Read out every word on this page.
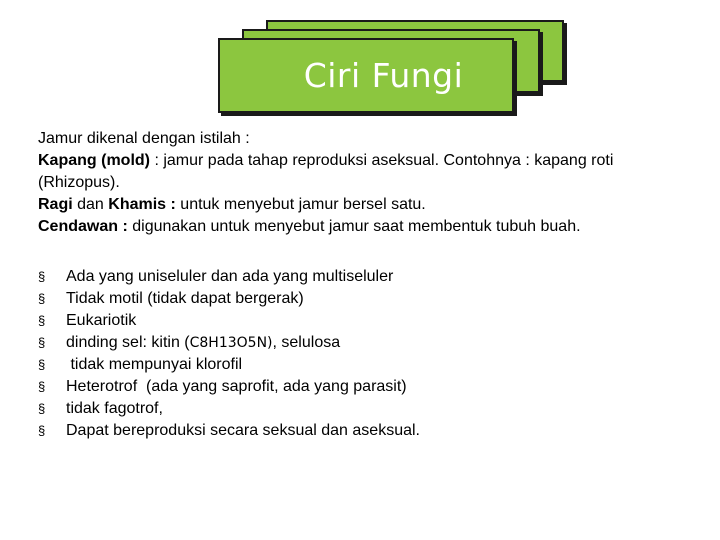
Ciri Fungi

Jamur dikenal dengan istilah :

Kapang (mold) : jamur pada tahap reproduksi aseksual. Contohnya : kapang roti

(Rhizopus).

Ragi dan Khamis : untuk menyebut jamur bersel satu.

Cendawan : digunakan untuk menyebut jamur saat membentuk tubuh buah.

§	Ada yang uniseluler dan ada yang multiseluler
§	Tidak motil (tidak dapat bergerak)
§	Eukariotik
§	dinding sel: kitin (C8H13O5N), selulosa
§	tidak mempunyai klorofil
§	Heterotrof  (ada yang saprofit, ada yang parasit)
§	tidak fagotrof,
§	Dapat bereproduksi secara seksual dan aseksual.
